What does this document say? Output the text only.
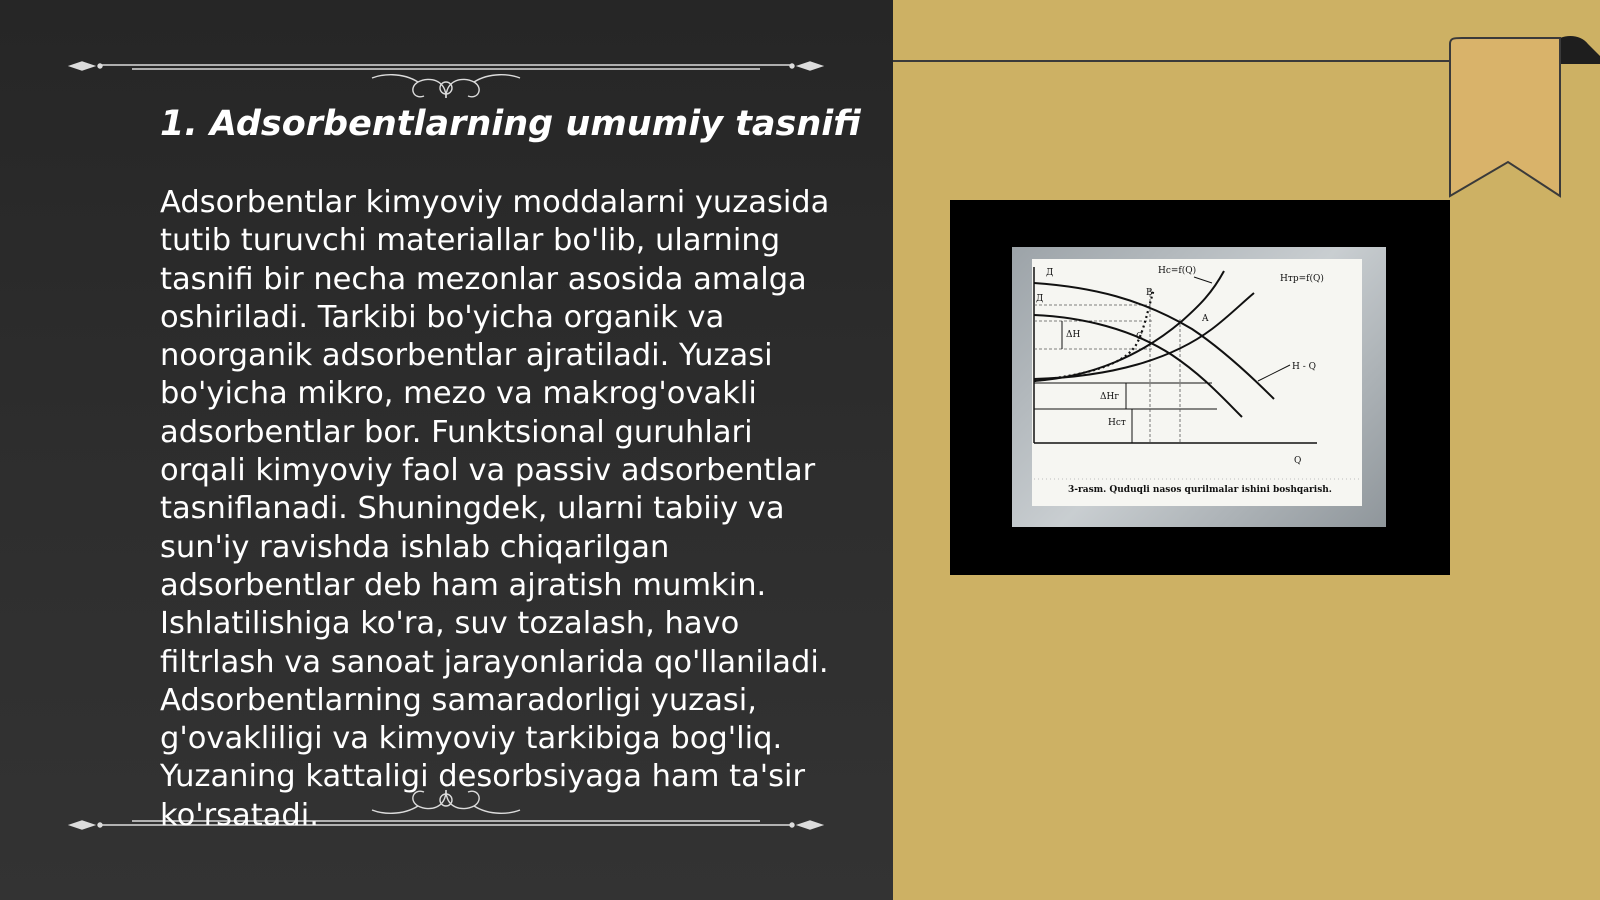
1. Adsorbentlarning umumiy tasnifi

Adsorbentlar kimyoviy moddalarni yuzasida tutib turuvchi materiallar bo'lib, ularning tasnifi bir necha mezonlar asosida amalga oshiriladi. Tarkibi bo'yicha organik va noorganik adsorbentlar ajratiladi. Yuzasi bo'yicha mikro, mezo va makrog'ovakli adsorbentlar bor. Funktsional guruhlari orqali kimyoviy faol va passiv adsorbentlar tasniflanadi. Shuningdek, ularni tabiiy va sun'iy ravishda ishlab chiqarilgan adsorbentlar deb ham ajratish mumkin. Ishlatilishiga ko'ra, suv tozalash, havo filtrlash va sanoat jarayonlarida qo'llaniladi. Adsorbentlarning samaradorligi yuzasi, g'ovakliligi va kimyoviy tarkibiga bog'liq. Yuzaning kattaligi desorbsiyaga ham ta'sir ko'rsatadi.

Д
Д
Hc=f(Q)
Hтр=f(Q)
B
A
C
ΔH
H - Q
ΔHг
Hст
Q
3-rasm. Quduqli nasos qurilmalar ishini boshqarish.
